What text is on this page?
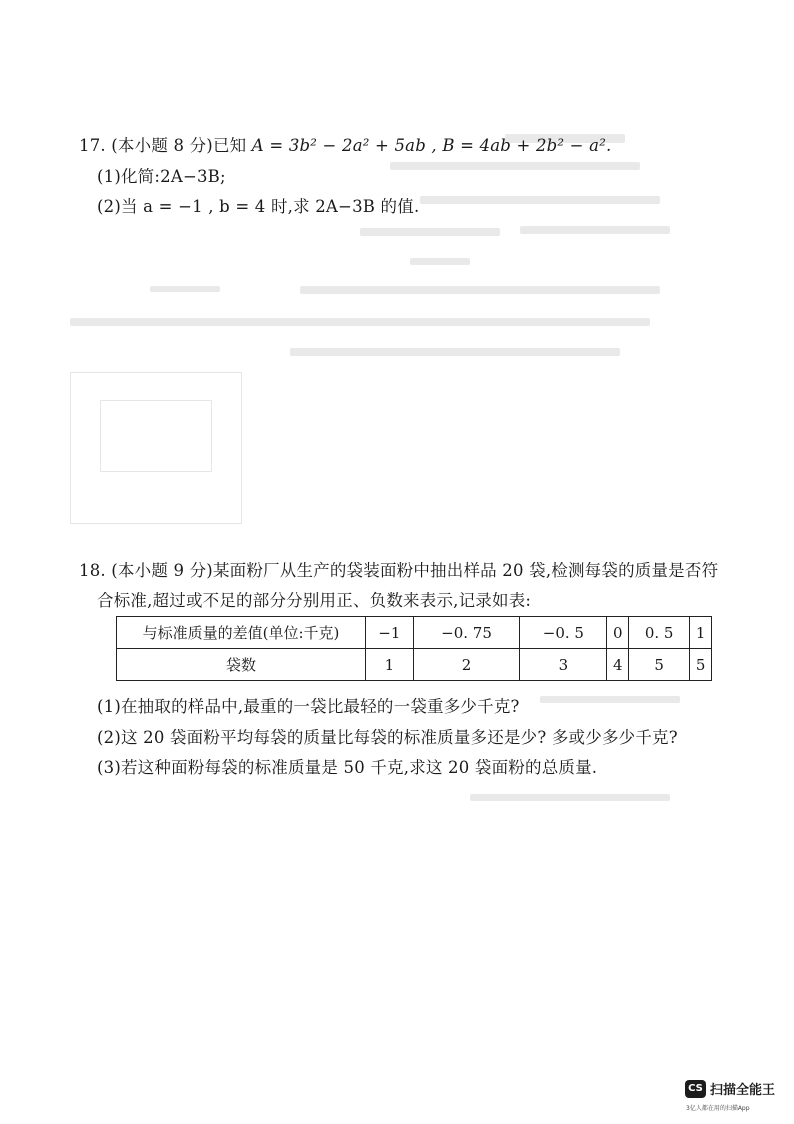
17. (本小题 8 分)已知 A = 3b² − 2a² + 5ab , B = 4ab + 2b² − a².
(1)化简:2A−3B;
(2)当 a = −1 , b = 4 时,求 2A−3B 的值.
18. (本小题 9 分)某面粉厂从生产的袋装面粉中抽出样品 20 袋,检测每袋的质量是否符
合标准,超过或不足的部分分别用正、负数来表示,记录如表:
与标准质量的差值(单位:千克)	−1	−0. 75	−0. 5	0	0. 5	1
袋数	1	2	3	4	5	5
(1)在抽取的样品中,最重的一袋比最轻的一袋重多少千克?
(2)这 20 袋面粉平均每袋的质量比每袋的标准质量多还是少? 多或少多少千克?
(3)若这种面粉每袋的标准质量是 50 千克,求这 20 袋面粉的总质量.
CS 扫描全能王
3亿人都在用的扫描App
